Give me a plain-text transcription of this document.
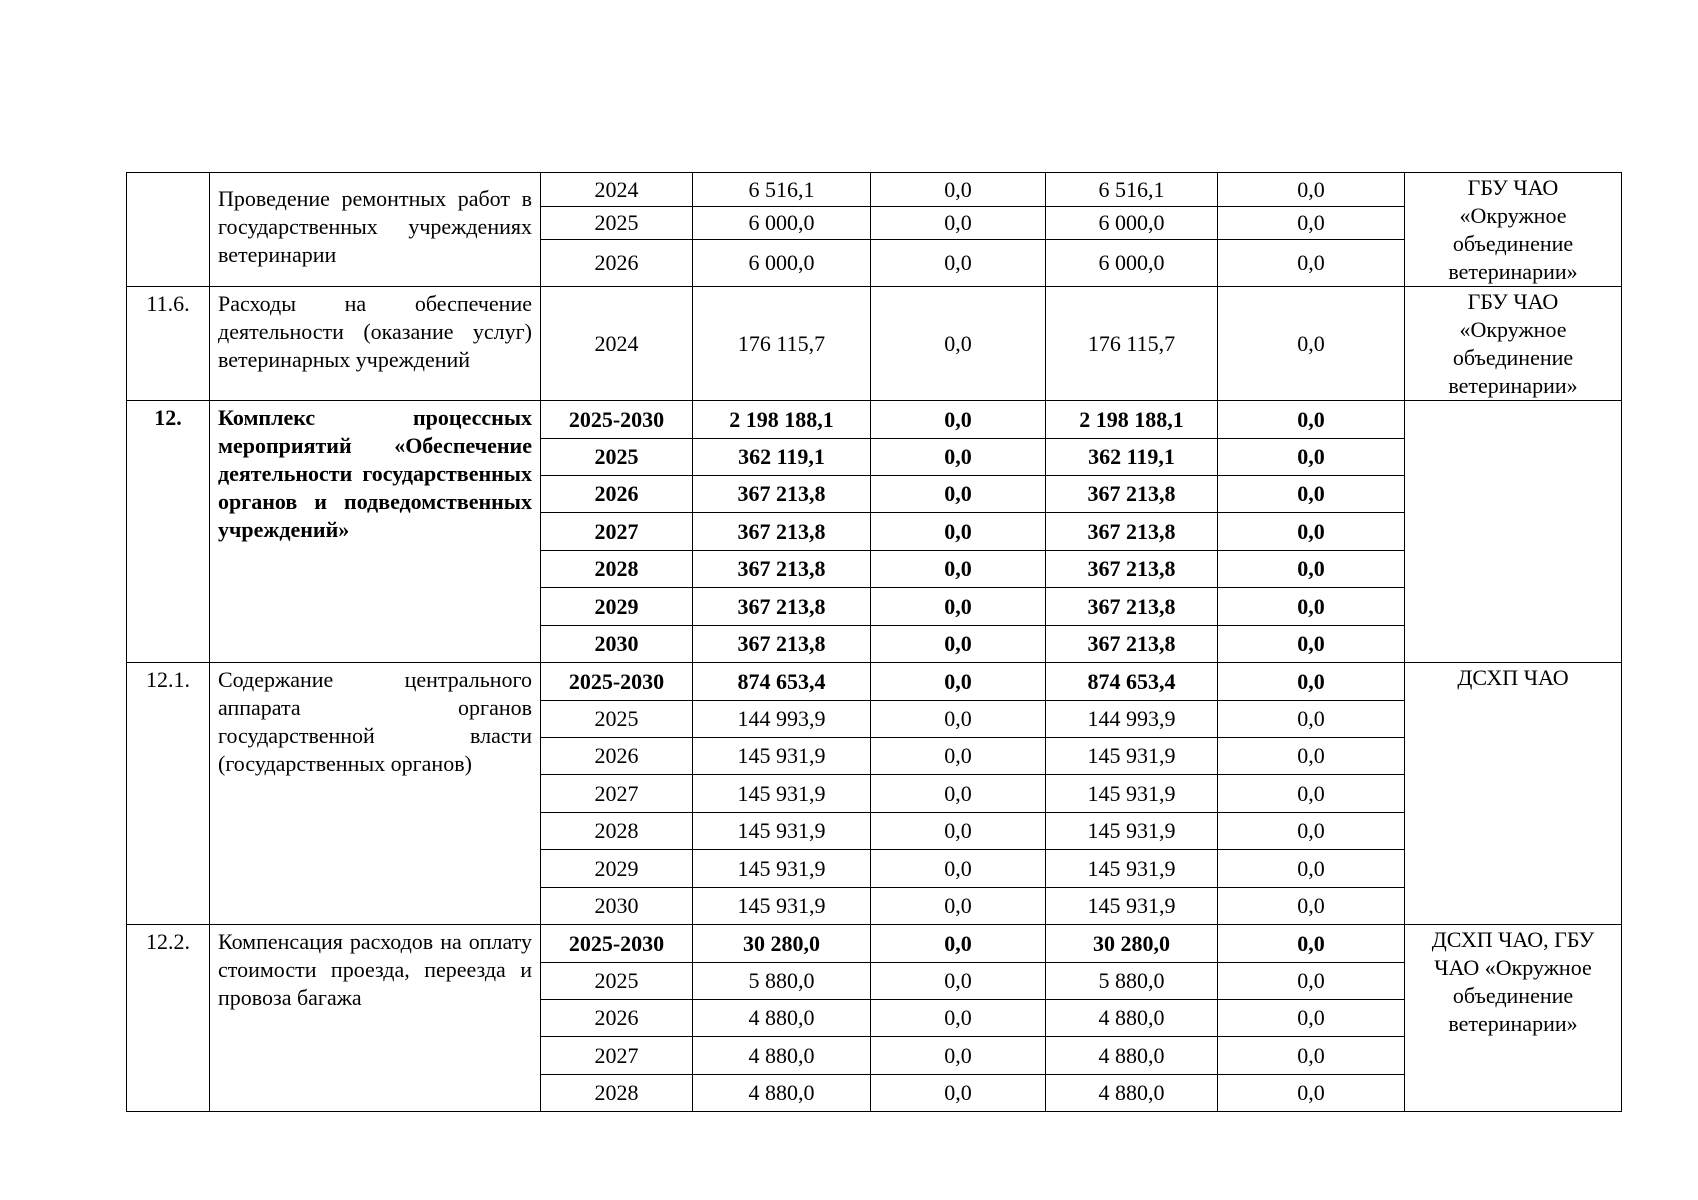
	Проведение ремонтных работ в государственных учреждениях ветеринарии	2024	6 516,1	0,0	6 516,1	0,0	ГБУ ЧАО «Окружное объединение ветеринарии»
		2025	6 000,0	0,0	6 000,0	0,0	
		2026	6 000,0	0,0	6 000,0	0,0	
11.6.	Расходы на обеспечение деятельности (оказание услуг) ветеринарных учреждений	2024	176 115,7	0,0	176 115,7	0,0	ГБУ ЧАО «Окружное объединение ветеринарии»
12.	Комплекс процессных мероприятий «Обеспечение деятельности государственных органов и подведомственных учреждений»	2025-2030	2 198 188,1	0,0	2 198 188,1	0,0	
		2025	362 119,1	0,0	362 119,1	0,0	
		2026	367 213,8	0,0	367 213,8	0,0	
		2027	367 213,8	0,0	367 213,8	0,0	
		2028	367 213,8	0,0	367 213,8	0,0	
		2029	367 213,8	0,0	367 213,8	0,0	
		2030	367 213,8	0,0	367 213,8	0,0	
12.1.	Содержание центрального аппарата органов государственной власти (государственных органов)	2025-2030	874 653,4	0,0	874 653,4	0,0	ДСХП ЧАО
		2025	144 993,9	0,0	144 993,9	0,0	
		2026	145 931,9	0,0	145 931,9	0,0	
		2027	145 931,9	0,0	145 931,9	0,0	
		2028	145 931,9	0,0	145 931,9	0,0	
		2029	145 931,9	0,0	145 931,9	0,0	
		2030	145 931,9	0,0	145 931,9	0,0	
12.2.	Компенсация расходов на оплату стоимости проезда, переезда и провоза багажа	2025-2030	30 280,0	0,0	30 280,0	0,0	ДСХП ЧАО, ГБУ ЧАО «Окружное объединение ветеринарии»
		2025	5 880,0	0,0	5 880,0	0,0	
		2026	4 880,0	0,0	4 880,0	0,0	
		2027	4 880,0	0,0	4 880,0	0,0	
		2028	4 880,0	0,0	4 880,0	0,0	
